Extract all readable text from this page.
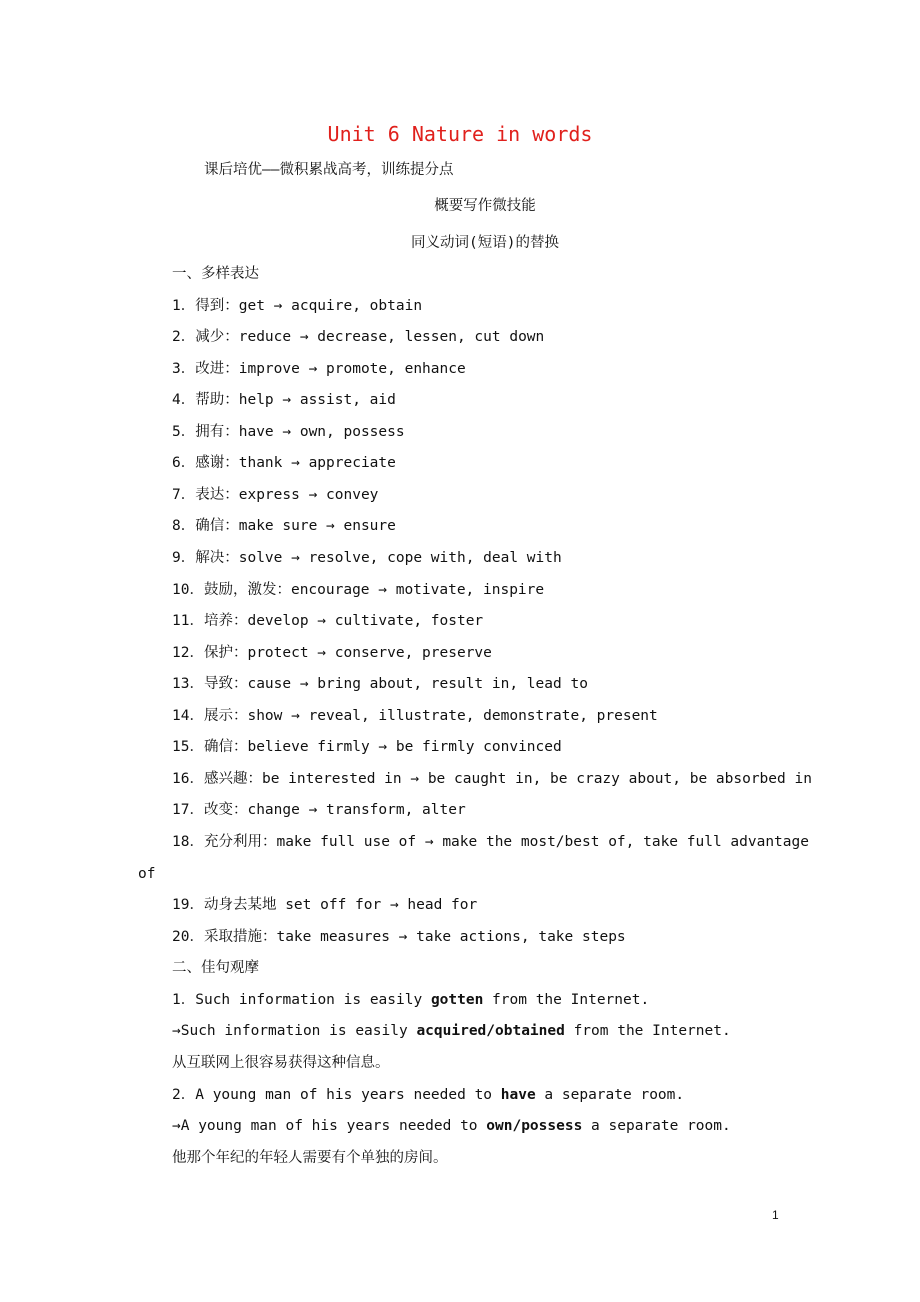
Unit 6 Nature in words
课后培优——微积累战高考，训练提分点
概要写作微技能
同义动词(短语)的替换
一、多样表达
1．得到：get → acquire, obtain
2．减少：reduce → decrease, lessen, cut down
3．改进：improve → promote, enhance
4．帮助：help → assist, aid
5．拥有：have → own, possess
6．感谢：thank → appreciate
7．表达：express → convey
8．确信：make sure → ensure
9．解决：solve → resolve, cope with, deal with
10．鼓励，激发：encourage → motivate, inspire
11．培养：develop → cultivate, foster
12．保护：protect → conserve, preserve
13．导致：cause → bring about, result in, lead to
14．展示：show → reveal, illustrate, demonstrate, present
15．确信：believe firmly → be firmly convinced
16．感兴趣：be interested in → be caught in, be crazy about, be absorbed in
17．改变：change → transform, alter
18．充分利用：make full use of → make the most/best of, take full advantage
of
19．动身去某地 set off for → head for
20．采取措施：take measures → take actions, take steps
二、佳句观摩
1．Such information is easily gotten from the Internet.
→Such information is easily acquired/obtained from the Internet.
从互联网上很容易获得这种信息。
2．A young man of his years needed to have a separate room.
→A young man of his years needed to own/possess a separate room.
他那个年纪的年轻人需要有个单独的房间。
1
